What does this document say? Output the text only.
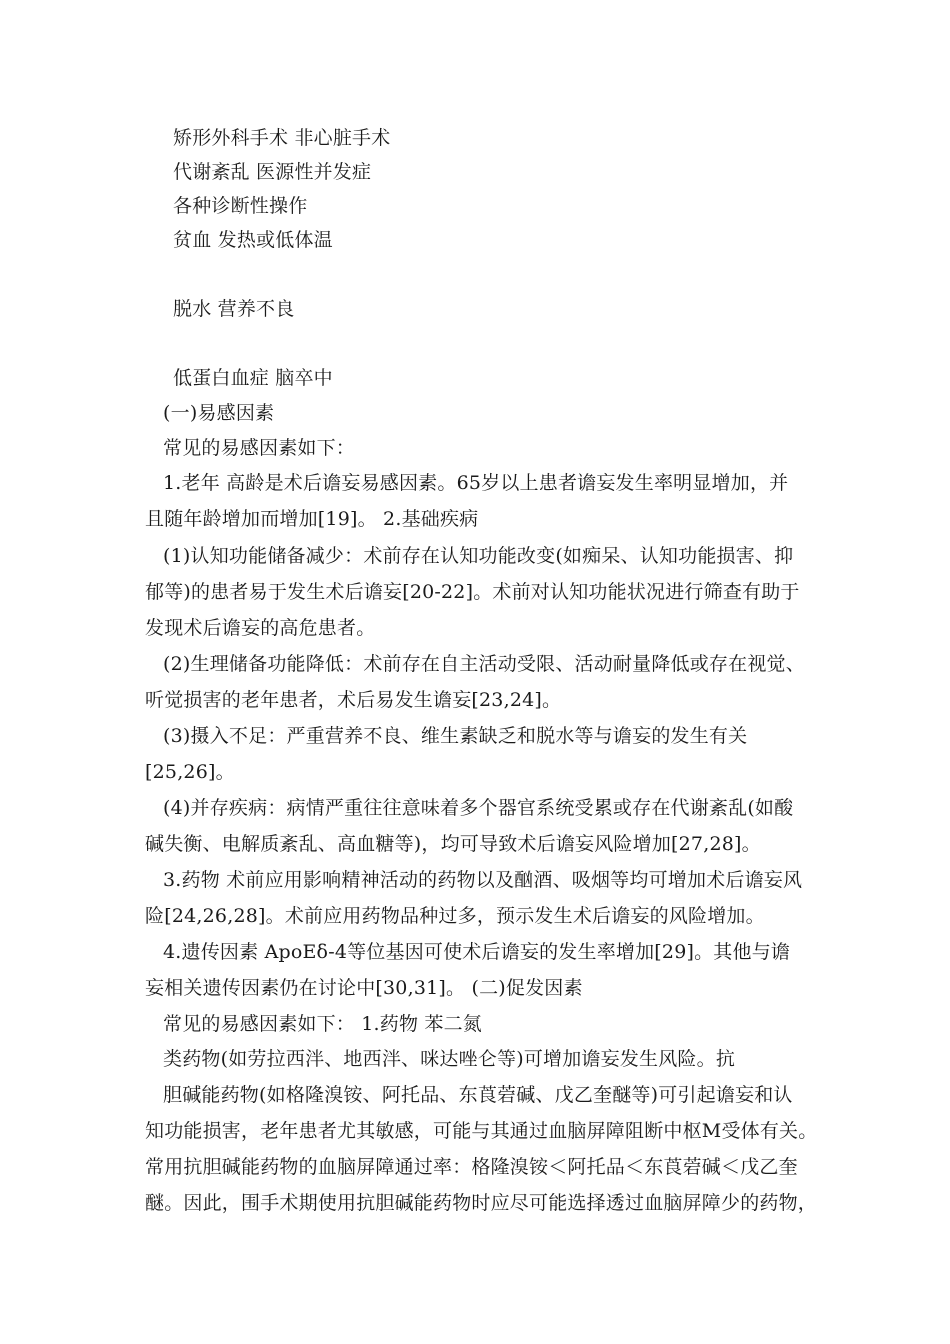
矫形外科手术 非心脏手术
代谢紊乱 医源性并发症
各种诊断性操作
贫血 发热或低体温
脱水 营养不良
低蛋白血症 脑卒中
(一)易感因素
常见的易感因素如下：
1.老年 高龄是术后谵妄易感因素。65岁以上患者谵妄发生率明显增加，并
且随年龄增加而增加[19]。 2.基础疾病
(1)认知功能储备减少：术前存在认知功能改变(如痴呆、认知功能损害、抑
郁等)的患者易于发生术后谵妄[20-22]。术前对认知功能状况进行筛查有助于
发现术后谵妄的高危患者。
(2)生理储备功能降低：术前存在自主活动受限、活动耐量降低或存在视觉、
听觉损害的老年患者，术后易发生谵妄[23,24]。
(3)摄入不足：严重营养不良、维生素缺乏和脱水等与谵妄的发生有关
[25,26]。
(4)并存疾病：病情严重往往意味着多个器官系统受累或存在代谢紊乱(如酸
碱失衡、电解质紊乱、高血糖等)，均可导致术后谵妄风险增加[27,28]。
3.药物 术前应用影响精神活动的药物以及酗酒、吸烟等均可增加术后谵妄风
险[24,26,28]。术前应用药物品种过多，预示发生术后谵妄的风险增加。
4.遗传因素 ApoEδ-4等位基因可使术后谵妄的发生率增加[29]。其他与谵
妄相关遗传因素仍在讨论中[30,31]。 (二)促发因素
常见的易感因素如下： 1.药物 苯二氮
类药物(如劳拉西泮、地西泮、咪达唑仑等)可增加谵妄发生风险。抗
胆碱能药物(如格隆溴铵、阿托品、东莨菪碱、戊乙奎醚等)可引起谵妄和认
知功能损害，老年患者尤其敏感，可能与其通过血脑屏障阻断中枢M受体有关。
常用抗胆碱能药物的血脑屏障通过率：格隆溴铵＜阿托品＜东莨菪碱＜戊乙奎
醚。因此，围手术期使用抗胆碱能药物时应尽可能选择透过血脑屏障少的药物，
